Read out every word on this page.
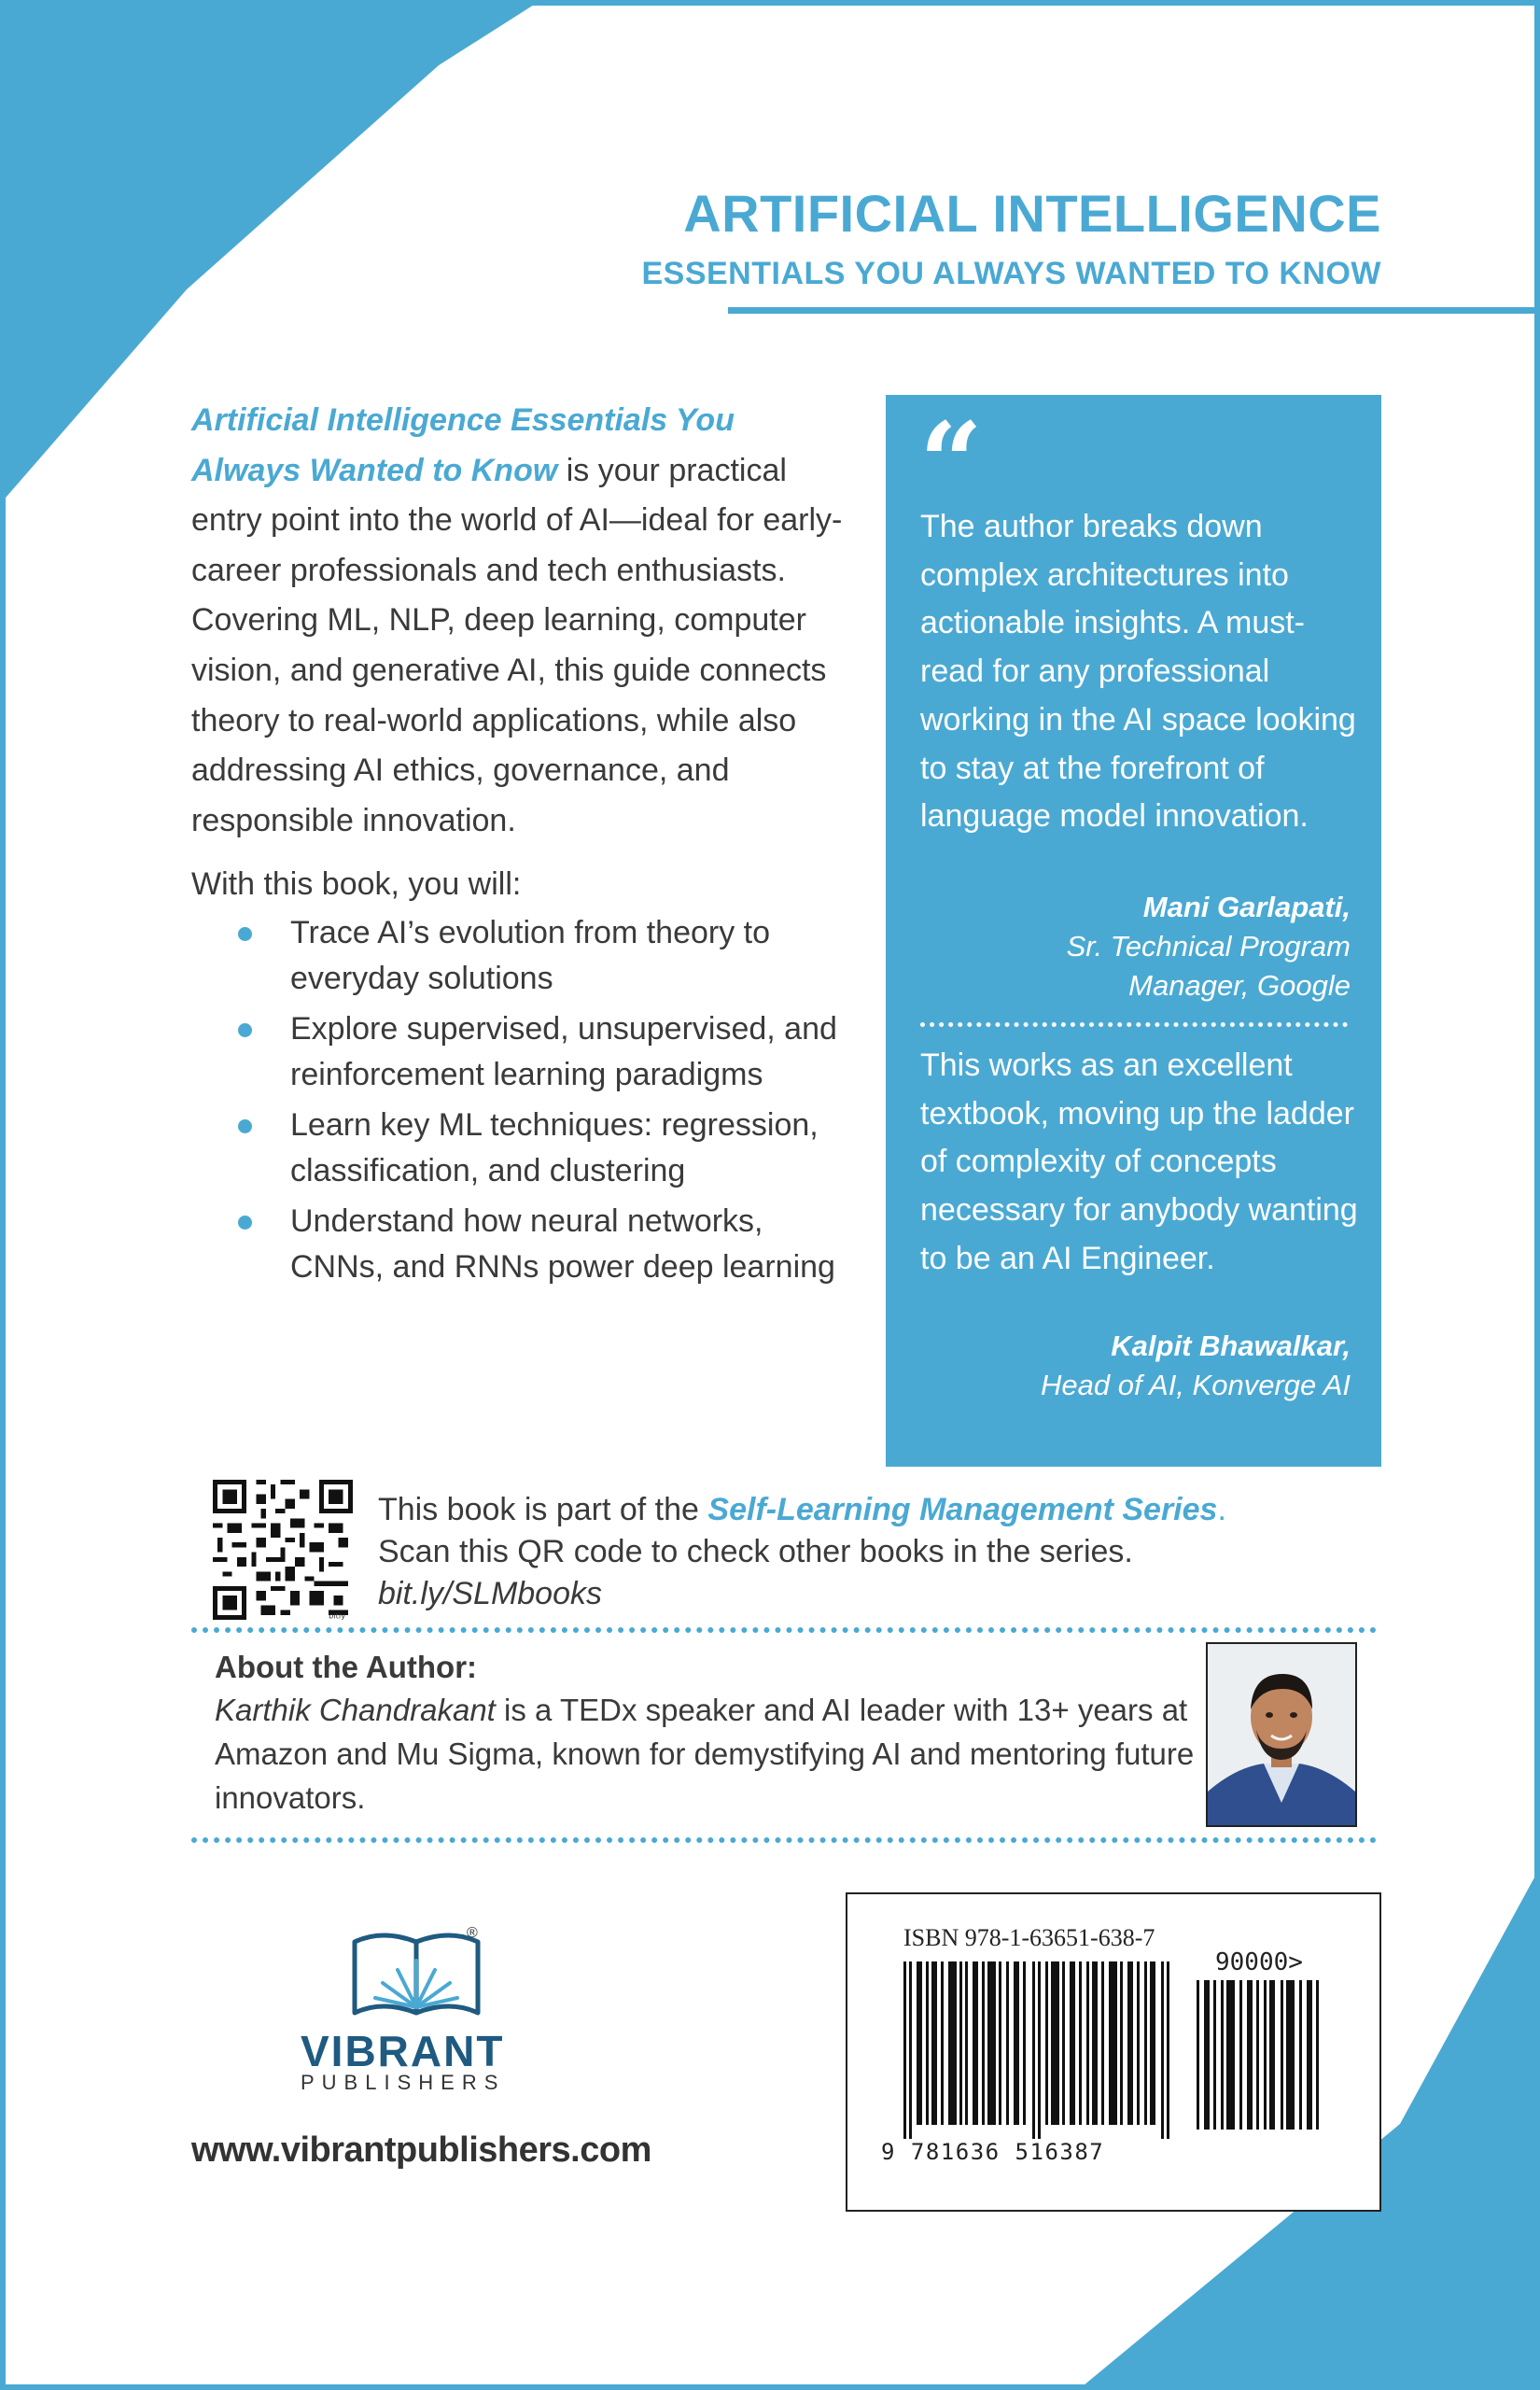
ARTIFICIAL INTELLIGENCE
ESSENTIALS YOU ALWAYS WANTED TO KNOW
Artificial Intelligence Essentials You Always Wanted to Know is your practical entry point into the world of AI—ideal for early-career professionals and tech enthusiasts. Covering ML, NLP, deep learning, computer vision, and generative AI, this guide connects theory to real-world applications, while also addressing AI ethics, governance, and responsible innovation.
With this book, you will:
Trace AI’s evolution from theory to everyday solutions
Explore supervised, unsupervised, and reinforcement learning paradigms
Learn key ML techniques: regression, classification, and clustering
Understand how neural networks, CNNs, and RNNs power deep learning
“
The author breaks down complex architectures into actionable insights. A must-read for any professional working in the AI space looking to stay at the forefront of language model innovation.
Mani Garlapati,
Sr. Technical Program
Manager, Google
This works as an excellent textbook, moving up the ladder of complexity of concepts necessary for anybody wanting to be an AI Engineer.
Kalpit Bhawalkar,
Head of AI, Konverge AI
bitly
This book is part of the Self-Learning Management Series.
Scan this QR code to check other books in the series.
bit.ly/SLMbooks
About the Author:
Karthik Chandrakant is a TEDx speaker and AI leader with 13+ years at Amazon and Mu Sigma, known for demystifying AI and mentoring future innovators.
®
VIBRANT
PUBLISHERS
www.vibrantpublishers.com
ISBN 978-1-63651-638-7
90000>
9 781636 516387
